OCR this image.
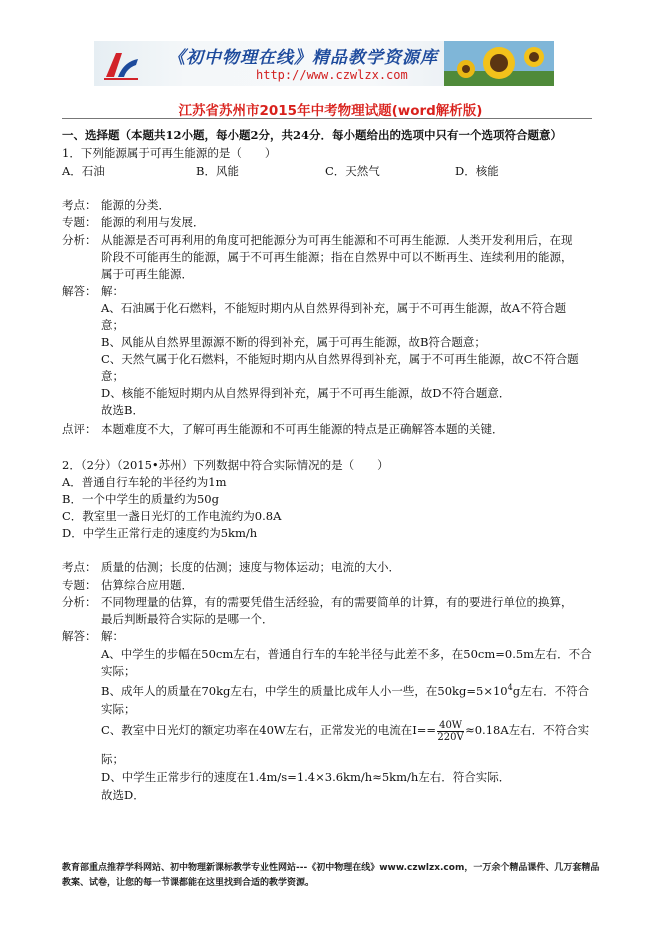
《初中物理在线》精品教学资源库
http://www.czwlzx.com
江苏省苏州市2015年中考物理试题(word解析版)
一、选择题（本题共12小题，每小题2分，共24分．每小题给出的选项中只有一个选项符合题意）
1．下列能源属于可再生能源的是（　　）
A．石油	B．风能	C．天然气	D．核能
考点： 能源的分类．
专题： 能源的利用与发展．
分析： 从能源是否可再利用的角度可把能源分为可再生能源和不可再生能源．人类开发利用后，在现
阶段不可能再生的能源，属于不可再生能源；指在自然界中可以不断再生、连续利用的能源，
属于可再生能源．
解答： 解：
A、石油属于化石燃料，不能短时期内从自然界得到补充，属于不可再生能源，故A不符合题
意；
B、风能从自然界里源源不断的得到补充，属于可再生能源，故B符合题意；
C、天然气属于化石燃料，不能短时期内从自然界得到补充，属于不可再生能源，故C不符合题
意；
D、核能不能短时期内从自然界得到补充，属于不可再生能源，故D不符合题意．
故选B．
点评： 本题难度不大，了解可再生能源和不可再生能源的特点是正确解答本题的关键．
2．（2分）（2015•苏州）下列数据中符合实际情况的是（　　）
A．普通自行车轮的半径约为1m
B．一个中学生的质量约为50g
C．教室里一盏日光灯的工作电流约为0.8A
D．中学生正常行走的速度约为5km/h
考点： 质量的估测；长度的估测；速度与物体运动；电流的大小．
专题： 估算综合应用题．
分析： 不同物理量的估算，有的需要凭借生活经验，有的需要简单的计算，有的要进行单位的换算，
最后判断最符合实际的是哪一个．
解答： 解：
A、中学生的步幅在50cm左右，普通自行车的车轮半径与此差不多，在50cm=0.5m左右．不合
实际；
B、成年人的质量在70kg左右，中学生的质量比成年人小一些，在$50kg=5\times 10^4g$左右．不符合
实际；
C、教室中日光灯的额定功率在40W左右，正常发光的电流在$I== \frac{40W}{220V} \approx 0.18A$左右．不符合实
际；
D、中学生正常步行的速度在1.4m/s=1.4×3.6km/h≈5km/h左右．符合实际．
故选D．
教育部重点推荐学科网站、初中物理新课标教学专业性网站---《初中物理在线》www.czwlzx.com，一万余个精品课件、几万套精品教案、试卷，让您的每一节课都能在这里找到合适的教学资源。
